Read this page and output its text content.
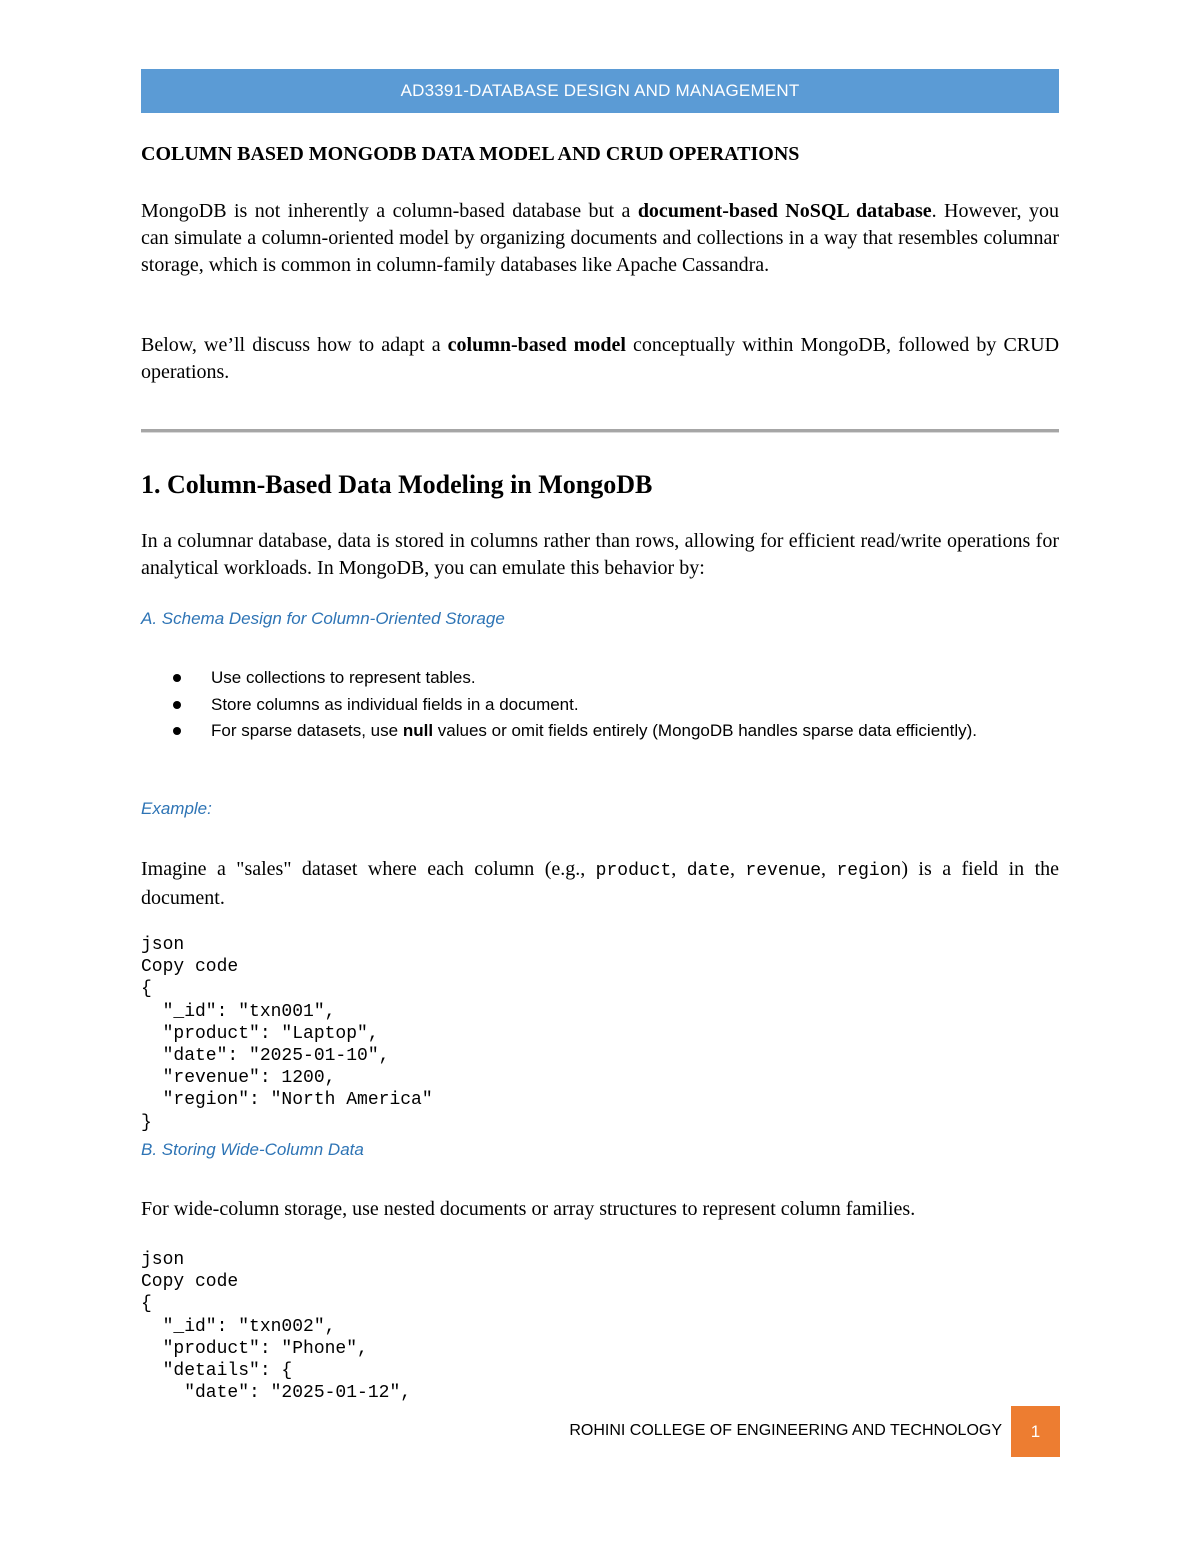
AD3391-DATABASE DESIGN AND MANAGEMENT
COLUMN BASED MONGODB DATA MODEL AND CRUD OPERATIONS

MongoDB is not inherently a column-based database but a document-based NoSQL database. However, you can simulate a column-oriented model by organizing documents and collections in a way that resembles columnar storage, which is common in column-family databases like Apache Cassandra.

Below, we’ll discuss how to adapt a column-based model conceptually within MongoDB, followed by CRUD operations.

1. Column-Based Data Modeling in MongoDB

In a columnar database, data is stored in columns rather than rows, allowing for efficient read/write operations for analytical workloads. In MongoDB, you can emulate this behavior by:

A. Schema Design for Column-Oriented Storage

Use collections to represent tables.
Store columns as individual fields in a document.
For sparse datasets, use null values or omit fields entirely (MongoDB handles sparse data efficiently).

Example:

Imagine a "sales" dataset where each column (e.g., product, date, revenue, region) is a field in the document.

json
Copy code
{
"_id": "txn001",
"product": "Laptop",
"date": "2025-01-10",
"revenue": 1200,
"region": "North America"
}

B. Storing Wide-Column Data

For wide-column storage, use nested documents or array structures to represent column families.

json
Copy code
{
"_id": "txn002",
"product": "Phone",
"details": {
"date": "2025-01-12",
ROHINI COLLEGE OF ENGINEERING AND TECHNOLOGY 1
